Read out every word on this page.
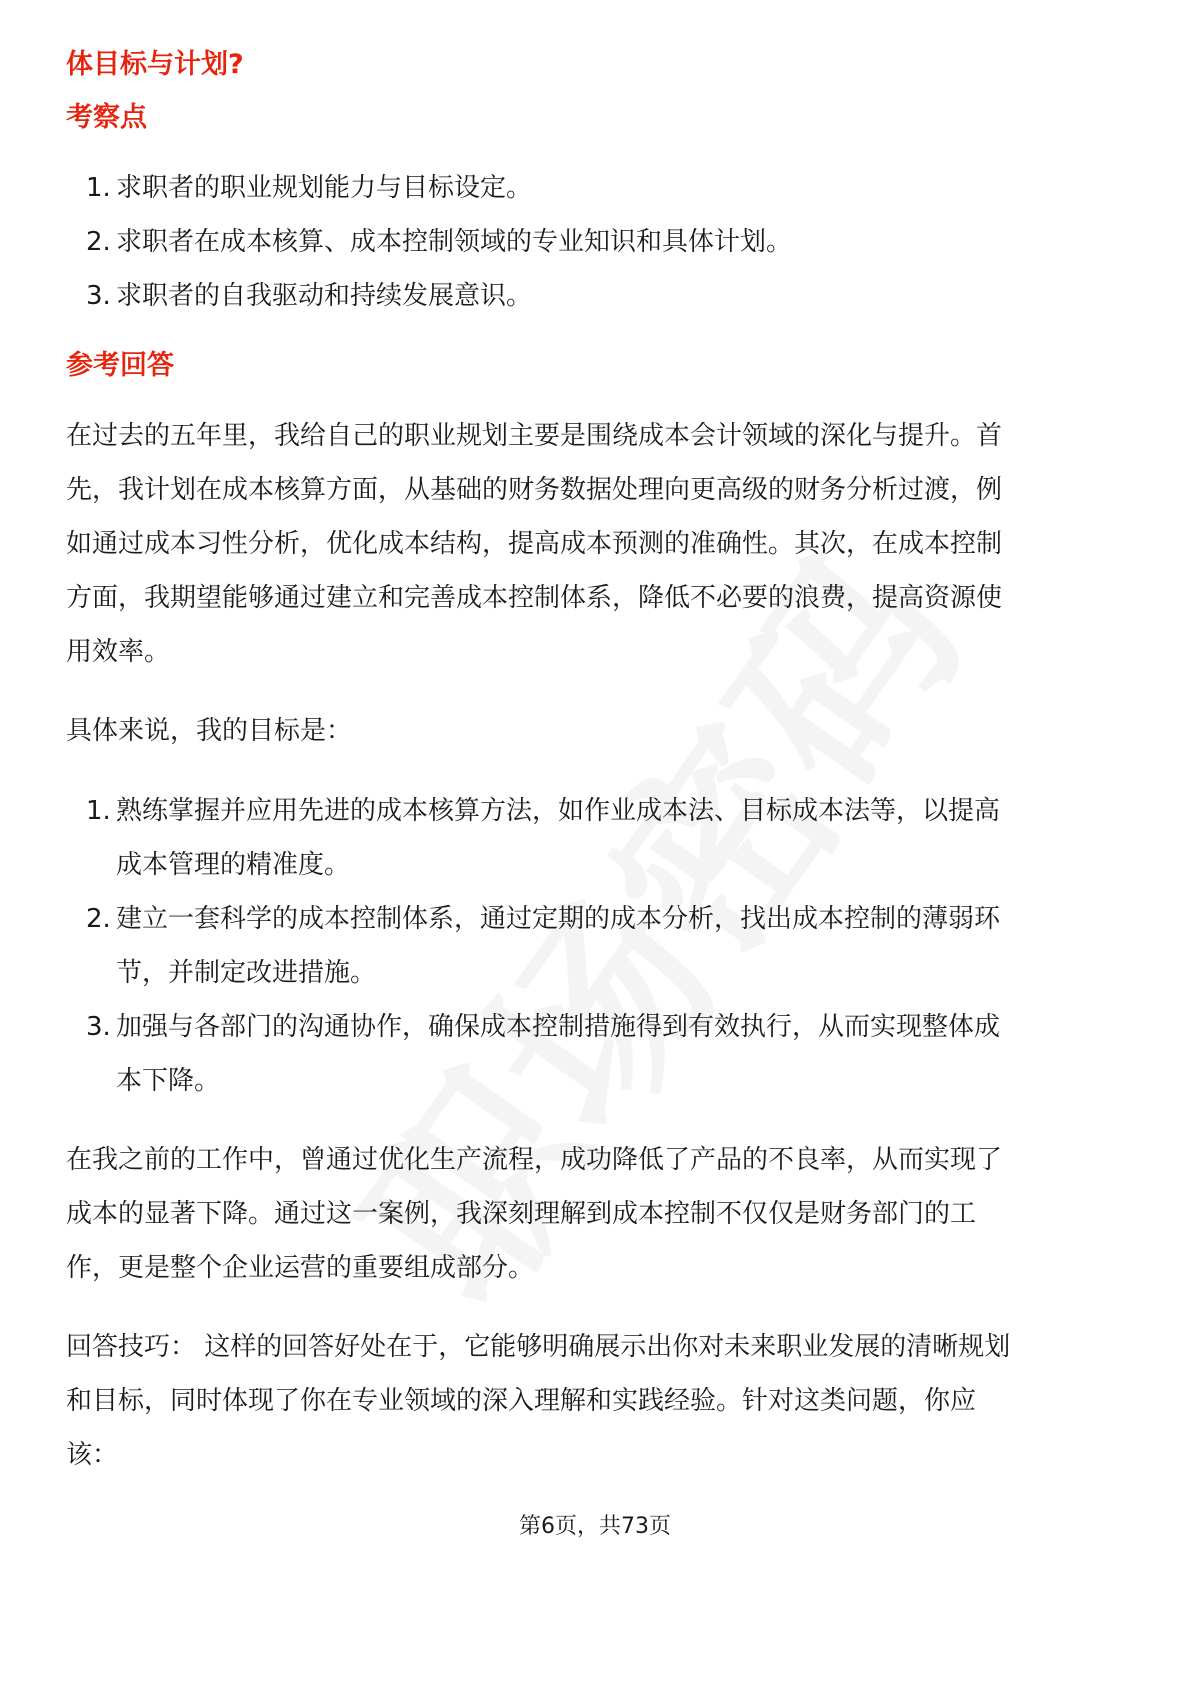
体目标与计划?
考察点
1. 求职者的职业规划能力与目标设定。
2. 求职者在成本核算、成本控制领域的专业知识和具体计划。
3. 求职者的自我驱动和持续发展意识。
参考回答
在过去的五年里，我给自己的职业规划主要是围绕成本会计领域的深化与提升。首
先，我计划在成本核算方面，从基础的财务数据处理向更高级的财务分析过渡，例
如通过成本习性分析，优化成本结构，提高成本预测的准确性。其次，在成本控制
方面，我期望能够通过建立和完善成本控制体系，降低不必要的浪费，提高资源使
用效率。
具体来说，我的目标是：
1. 熟练掌握并应用先进的成本核算方法，如作业成本法、目标成本法等，以提高
成本管理的精准度。
2. 建立一套科学的成本控制体系，通过定期的成本分析，找出成本控制的薄弱环
节，并制定改进措施。
3. 加强与各部门的沟通协作，确保成本控制措施得到有效执行，从而实现整体成
本下降。
在我之前的工作中，曾通过优化生产流程，成功降低了产品的不良率，从而实现了
成本的显著下降。通过这一案例，我深刻理解到成本控制不仅仅是财务部门的工
作，更是整个企业运营的重要组成部分。
回答技巧： 这样的回答好处在于，它能够明确展示出你对未来职业发展的清晰规划
和目标，同时体现了你在专业领域的深入理解和实践经验。针对这类问题，你应
该：
第6页，共73页
